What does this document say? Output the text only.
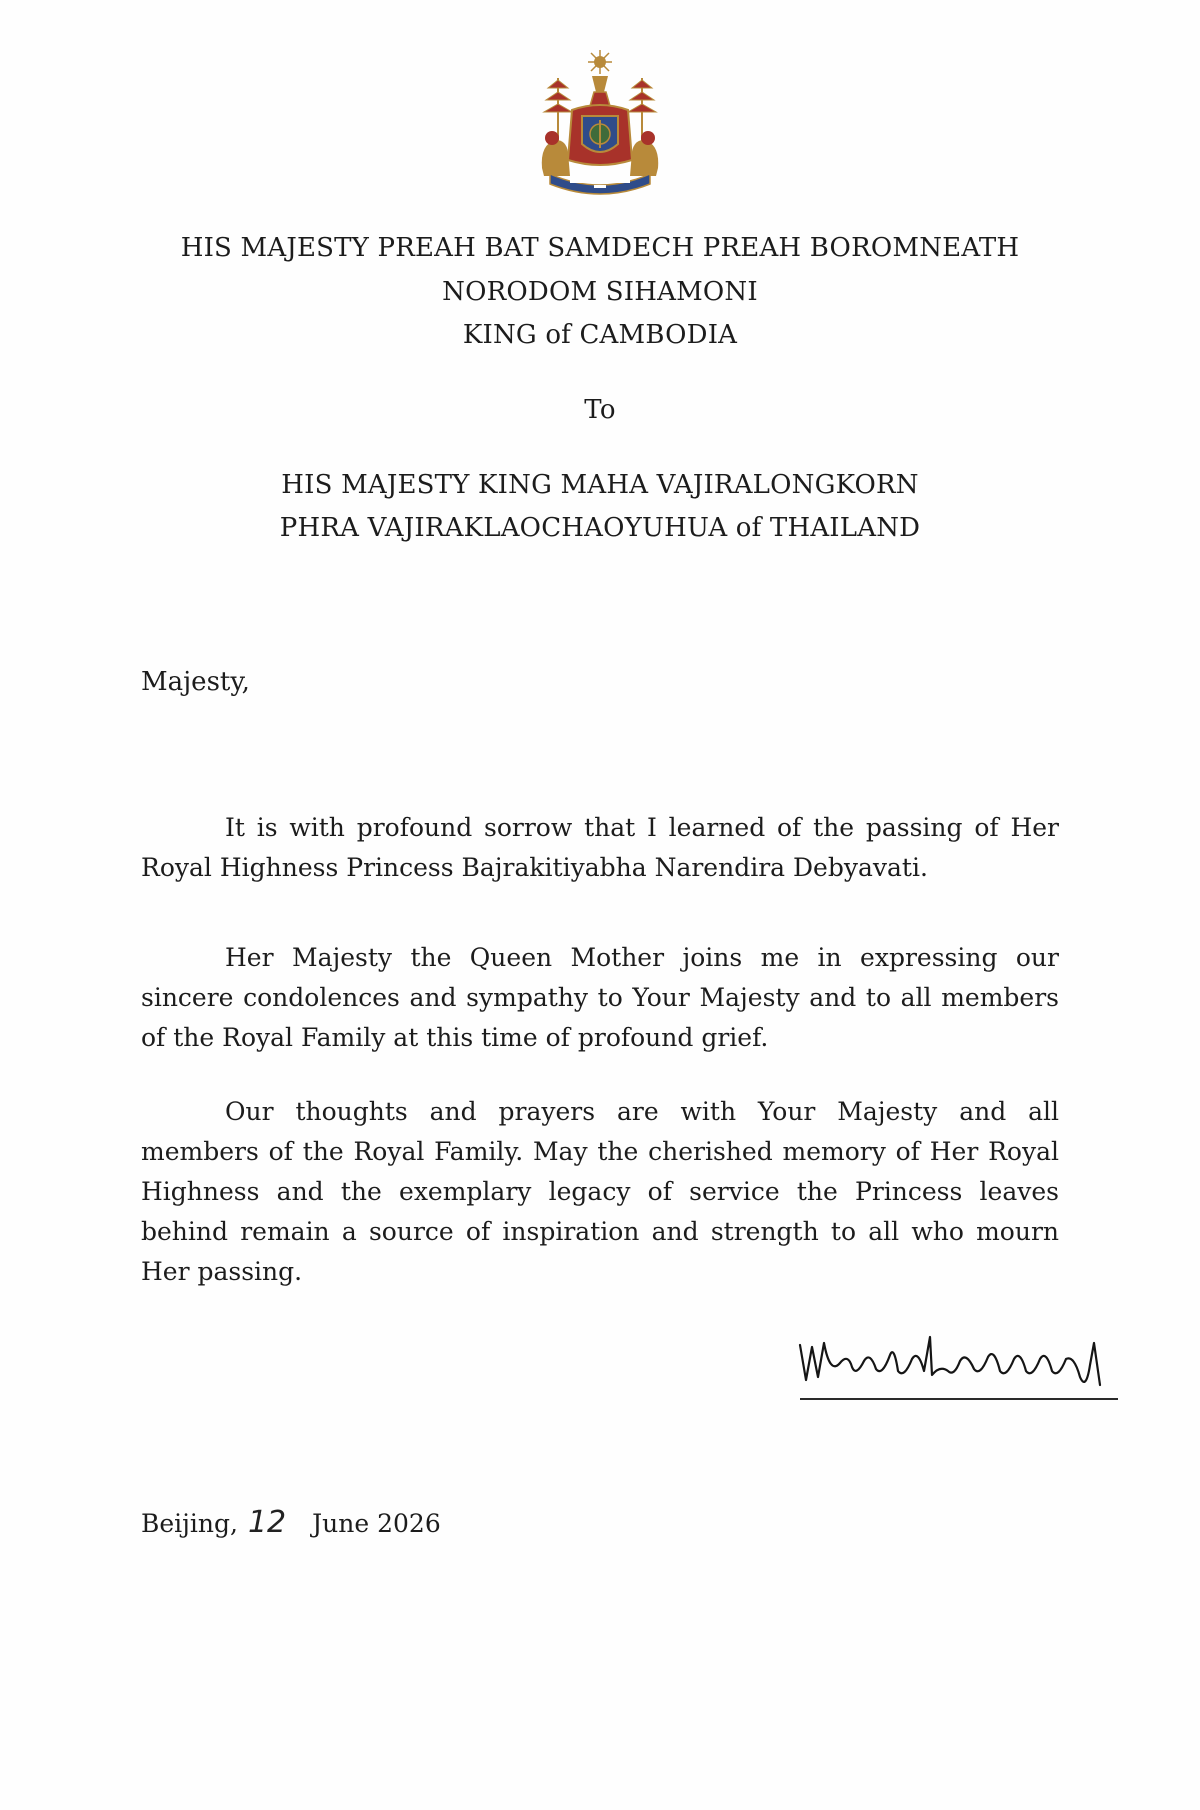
HIS MAJESTY PREAH BAT SAMDECH PREAH BOROMNEATH

NORODOM SIHAMONI

KING of CAMBODIA

To

HIS MAJESTY KING MAHA VAJIRALONGKORN

PHRA VAJIRAKLAOCHAOYUHUA of THAILAND

Majesty,

It is with profound sorrow that I learned of the passing of Her Royal Highness Princess Bajrakitiyabha Narendira Debyavati.

Her Majesty the Queen Mother joins me in expressing our sincere condolences and sympathy to Your Majesty and to all members of the Royal Family at this time of profound grief.

Our thoughts and prayers are with Your Majesty and all members of the Royal Family. May the cherished memory of Her Royal Highness and the exemplary legacy of service the Princess leaves behind remain a source of inspiration and strength to all who mourn Her passing.

Beijing, 12 June 2026
